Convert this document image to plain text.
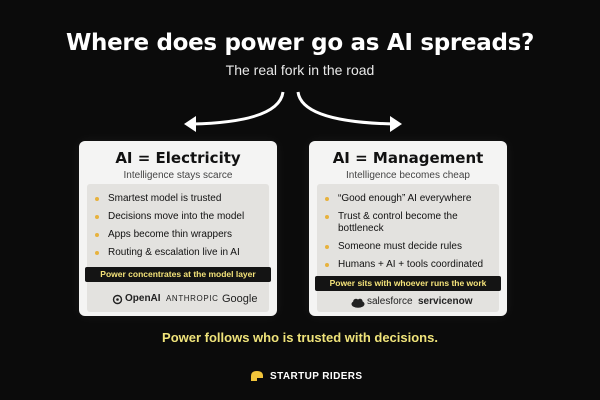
Where does power go as AI spreads?
The real fork in the road
AI = Electricity
Intelligence stays scarce
Smartest model is trusted
Decisions move into the model
Apps become thin wrappers
Routing & escalation live in AI
Power concentrates at the model layer
OpenAI ANTHROPIC Google
AI = Management
Intelligence becomes cheap
“Good enough” AI everywhere
Trust & control become the bottleneck
Someone must decide rules
Humans + AI + tools coordinated
Power sits with whoever runs the work
salesforce servicenow
Power follows who is trusted with decisions.
STARTUP RIDERS
